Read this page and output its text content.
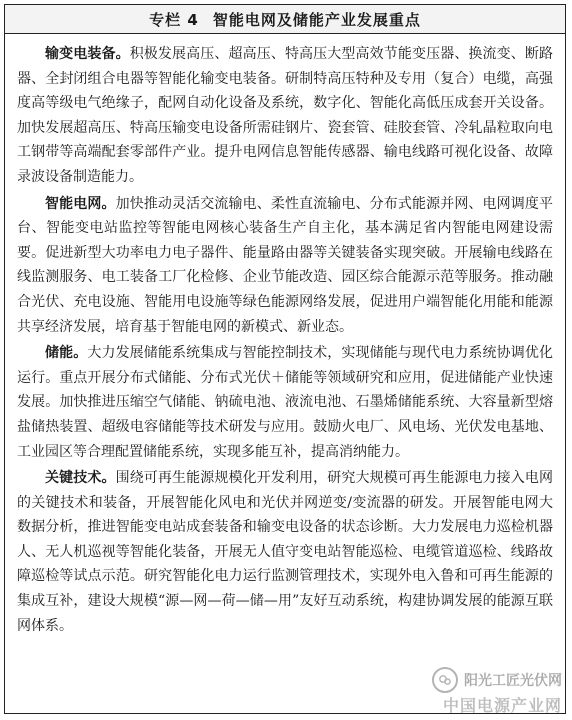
专栏 4 智能电网及储能产业发展重点

输变电装备。积极发展高压、超高压、特高压大型高效节能变压器、换流变、断路器、全封闭组合电器等智能化输变电装备。研制特高压特种及专用（复合）电缆，高强度高等级电气绝缘子，配网自动化设备及系统，数字化、智能化高低压成套开关设备。加快发展超高压、特高压输变电设备所需硅钢片、瓷套管、硅胶套管、冷轧晶粒取向电工钢带等高端配套零部件产业。提升电网信息智能传感器、输电线路可视化设备、故障录波设备制造能力。

智能电网。加快推动灵活交流输电、柔性直流输电、分布式能源并网、电网调度平台、智能变电站监控等智能电网核心装备生产自主化，基本满足省内智能电网建设需要。促进新型大功率电力电子器件、能量路由器等关键装备实现突破。开展输电线路在线监测服务、电工装备工厂化检修、企业节能改造、园区综合能源示范等服务。推动融合光伏、充电设施、智能用电设施等绿色能源网络发展，促进用户端智能化用能和能源共享经济发展，培育基于智能电网的新模式、新业态。

储能。大力发展储能系统集成与智能控制技术，实现储能与现代电力系统协调优化运行。重点开展分布式储能、分布式光伏＋储能等领域研究和应用，促进储能产业快速发展。加快推进压缩空气储能、钠硫电池、液流电池、石墨烯储能系统、大容量新型熔盐储热装置、超级电容储能等技术研发与应用。鼓励火电厂、风电场、光伏发电基地、工业园区等合理配置储能系统，实现多能互补，提高消纳能力。

关键技术。围绕可再生能源规模化开发利用，研究大规模可再生能源电力接入电网的关键技术和装备，开展智能化风电和光伏并网逆变/变流器的研发。开展智能电网大数据分析，推进智能变电站成套装备和输变电设备的状态诊断。大力发展电力巡检机器人、无人机巡视等智能化装备，开展无人值守变电站智能巡检、电缆管道巡检、线路故障巡检等试点示范。研究智能化电力运行监测管理技术，实现外电入鲁和可再生能源的集成互补，建设大规模“源—网—荷—储—用”友好互动系统，构建协调发展的能源互联网体系。

阳光工匠光伏网
中国电源产业网
